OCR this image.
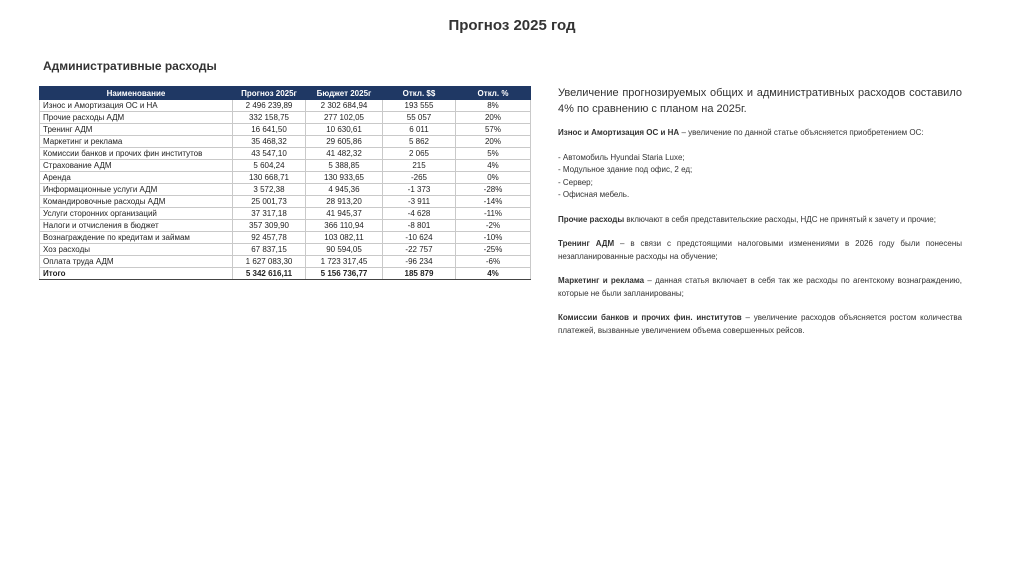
Прогноз 2025 год
Административные расходы
Наименование	Прогноз 2025г	Бюджет 2025г	Откл. $$	Откл. %
Износ и Амортизация ОС и НА	2 496 239,89	2 302 684,94	193 555	8%
Прочие расходы АДМ	332 158,75	277 102,05	55 057	20%
Тренинг АДМ	16 641,50	10 630,61	6 011	57%
Маркетинг и реклама	35 468,32	29 605,86	5 862	20%
Комиссии банков и прочих фин институтов	43 547,10	41 482,32	2 065	5%
Страхование АДМ	5 604,24	5 388,85	215	4%
Аренда	130 668,71	130 933,65	-265	0%
Информационные услуги АДМ	3 572,38	4 945,36	-1 373	-28%
Командировочные расходы АДМ	25 001,73	28 913,20	-3 911	-14%
Услуги сторонних организаций	37 317,18	41 945,37	-4 628	-11%
Налоги и отчисления в бюджет	357 309,90	366 110,94	-8 801	-2%
Вознаграждение по кредитам и займам	92 457,78	103 082,11	-10 624	-10%
Хоз расходы	67 837,15	90 594,05	-22 757	-25%
Оплата труда АДМ	1 627 083,30	1 723 317,45	-96 234	-6%
Итого	5 342 616,11	5 156 736,77	185 879	4%

Увеличение прогнозируемых общих и административных расходов составило 4% по сравнению с планом на 2025г.

Износ и Амортизация ОС и НА – увеличение по данной статье объясняется приобретением ОС:

- Автомобиль Hyundai Staria Luxe;
- Модульное здание под офис, 2 ед;
- Сервер;
- Офисная мебель.

Прочие расходы включают в себя представительские расходы, НДС не принятый к зачету и прочие;

Тренинг АДМ – в связи с предстоящими налоговыми изменениями в 2026 году были понесены незапланированные расходы на обучение;

Маркетинг и реклама – данная статья включает в себя так же расходы по агентскому вознаграждению, которые не были запланированы;

Комиссии банков и прочих фин. институтов – увеличение расходов объясняется ростом количества платежей, вызванные увеличением объема совершенных рейсов.
